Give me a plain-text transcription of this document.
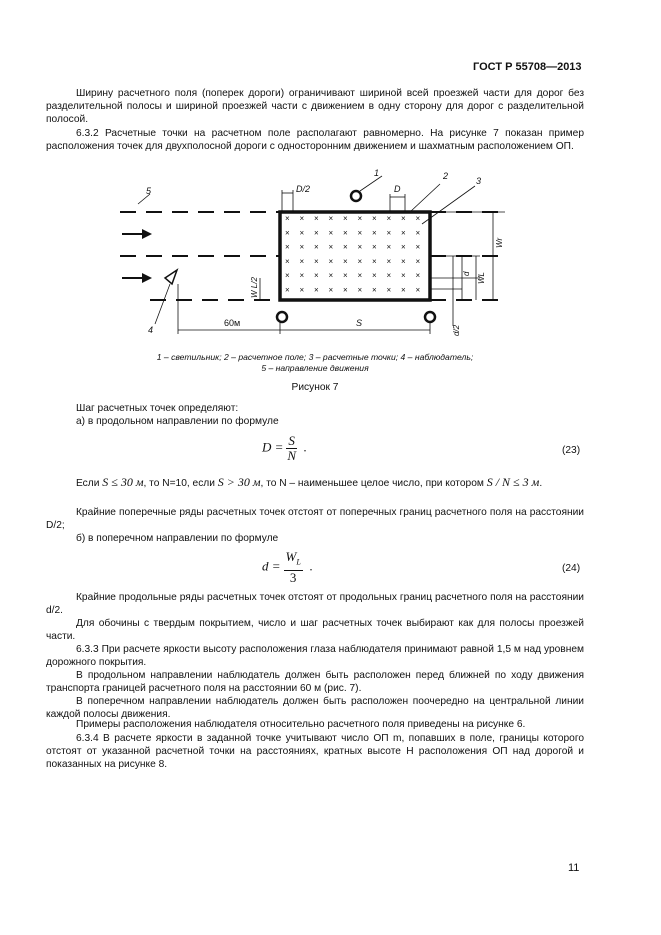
ГОСТ Р 55708—2013

Ширину расчетного поля (поперек дороги) ограничивают шириной всей проезжей части для дорог без разделительной полосы и шириной проезжей части с движением в одну сторону для дорог с разделительной полосой.

6.3.2 Расчетные точки на расчетном поле располагают равномерно. На рисунке 7 показан пример расположения точек для двухполосной дороги с односторонним движением и шахматным расположением ОП.

× × × × × × × × × ×
× × × × × × × × × ×
× × × × × × × × × ×
× × × × × × × × × ×
× × × × × × × × × ×
× × × × × × × × × ×
1	2	3
4
5	D/2	D
60м	S
W L/2
d WL
Wr
d/2
1 – светильник; 2 – расчетное поле; 3 – расчетные точки; 4 – наблюдатель;
5 – направление движения
Рисунок 7

Шаг расчетных точек определяют:

а) в продольном направлении по формуле

$D = \frac{S}{N}$ .	(23)

Если S ≤ 30 м, то N=10, если S > 30 м, то N – наименьшее целое число, при котором S / N ≤ 3 м.

Крайние поперечные ряды расчетных точек отстоят от поперечных границ расчетного поля на расстоянии D/2;

б) в поперечном направлении по формуле

$d = \frac{W_L}{3}$ .	(24)

Крайние продольные ряды расчетных точек отстоят от продольных границ расчетного поля на расстоянии d/2.

Для обочины с твердым покрытием, число и шаг расчетных точек выбирают как для полосы проезжей части.

6.3.3 При расчете яркости высоту расположения глаза наблюдателя принимают равной 1,5 м над уровнем дорожного покрытия.

В продольном направлении наблюдатель должен быть расположен перед ближней по ходу движения транспорта границей расчетного поля на расстоянии 60 м (рис. 7).

В поперечном направлении наблюдатель должен быть расположен поочередно на центральной линии каждой полосы движения.

Примеры расположения наблюдателя относительно расчетного поля приведены на рисунке 6.

6.3.4 В расчете яркости в заданной точке учитывают число ОП m, попавших в поле, границы которого отстоят от указанной расчетной точки на расстояниях, кратных высоте H расположения ОП над дорогой и показанных на рисунке 8.

11
